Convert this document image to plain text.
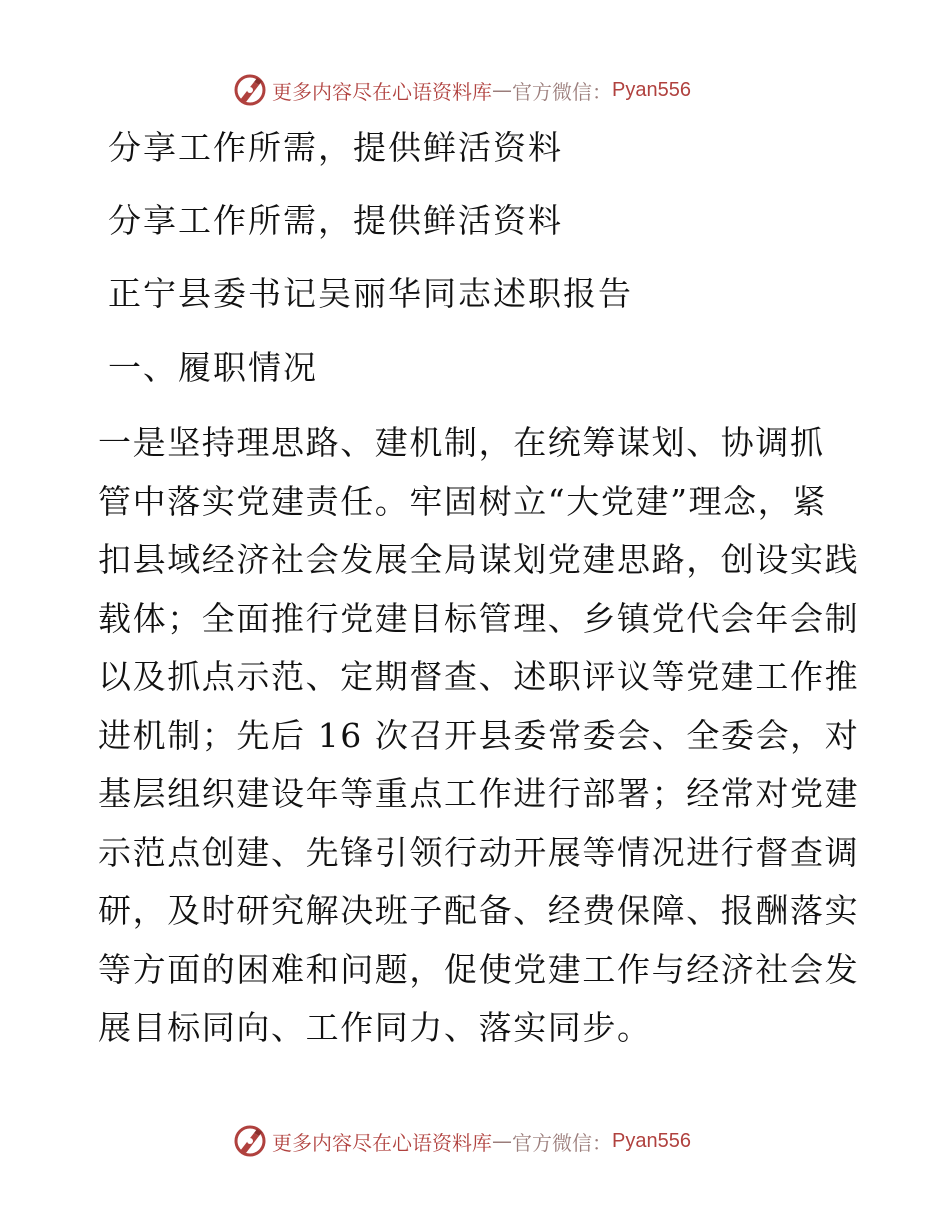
更多内容尽在心语资料库 — 官方微信： Pyan556
分享工作所需，提供鲜活资料
分享工作所需，提供鲜活资料
正宁县委书记吴丽华同志述职报告
一、履职情况
一是坚持理思路、建机制，在统筹谋划、协调抓
管中落实党建责任。牢固树立“大党建”理念，紧
扣县域经济社会发展全局谋划党建思路，创设实践
载体；全面推行党建目标管理、乡镇党代会年会制
以及抓点示范、定期督查、述职评议等党建工作推
进机制；先后 16 次召开县委常委会、全委会，对
基层组织建设年等重点工作进行部署；经常对党建
示范点创建、先锋引领行动开展等情况进行督查调
研，及时研究解决班子配备、经费保障、报酬落实
等方面的困难和问题，促使党建工作与经济社会发
展目标同向、工作同力、落实同步。
更多内容尽在心语资料库 — 官方微信： Pyan556
